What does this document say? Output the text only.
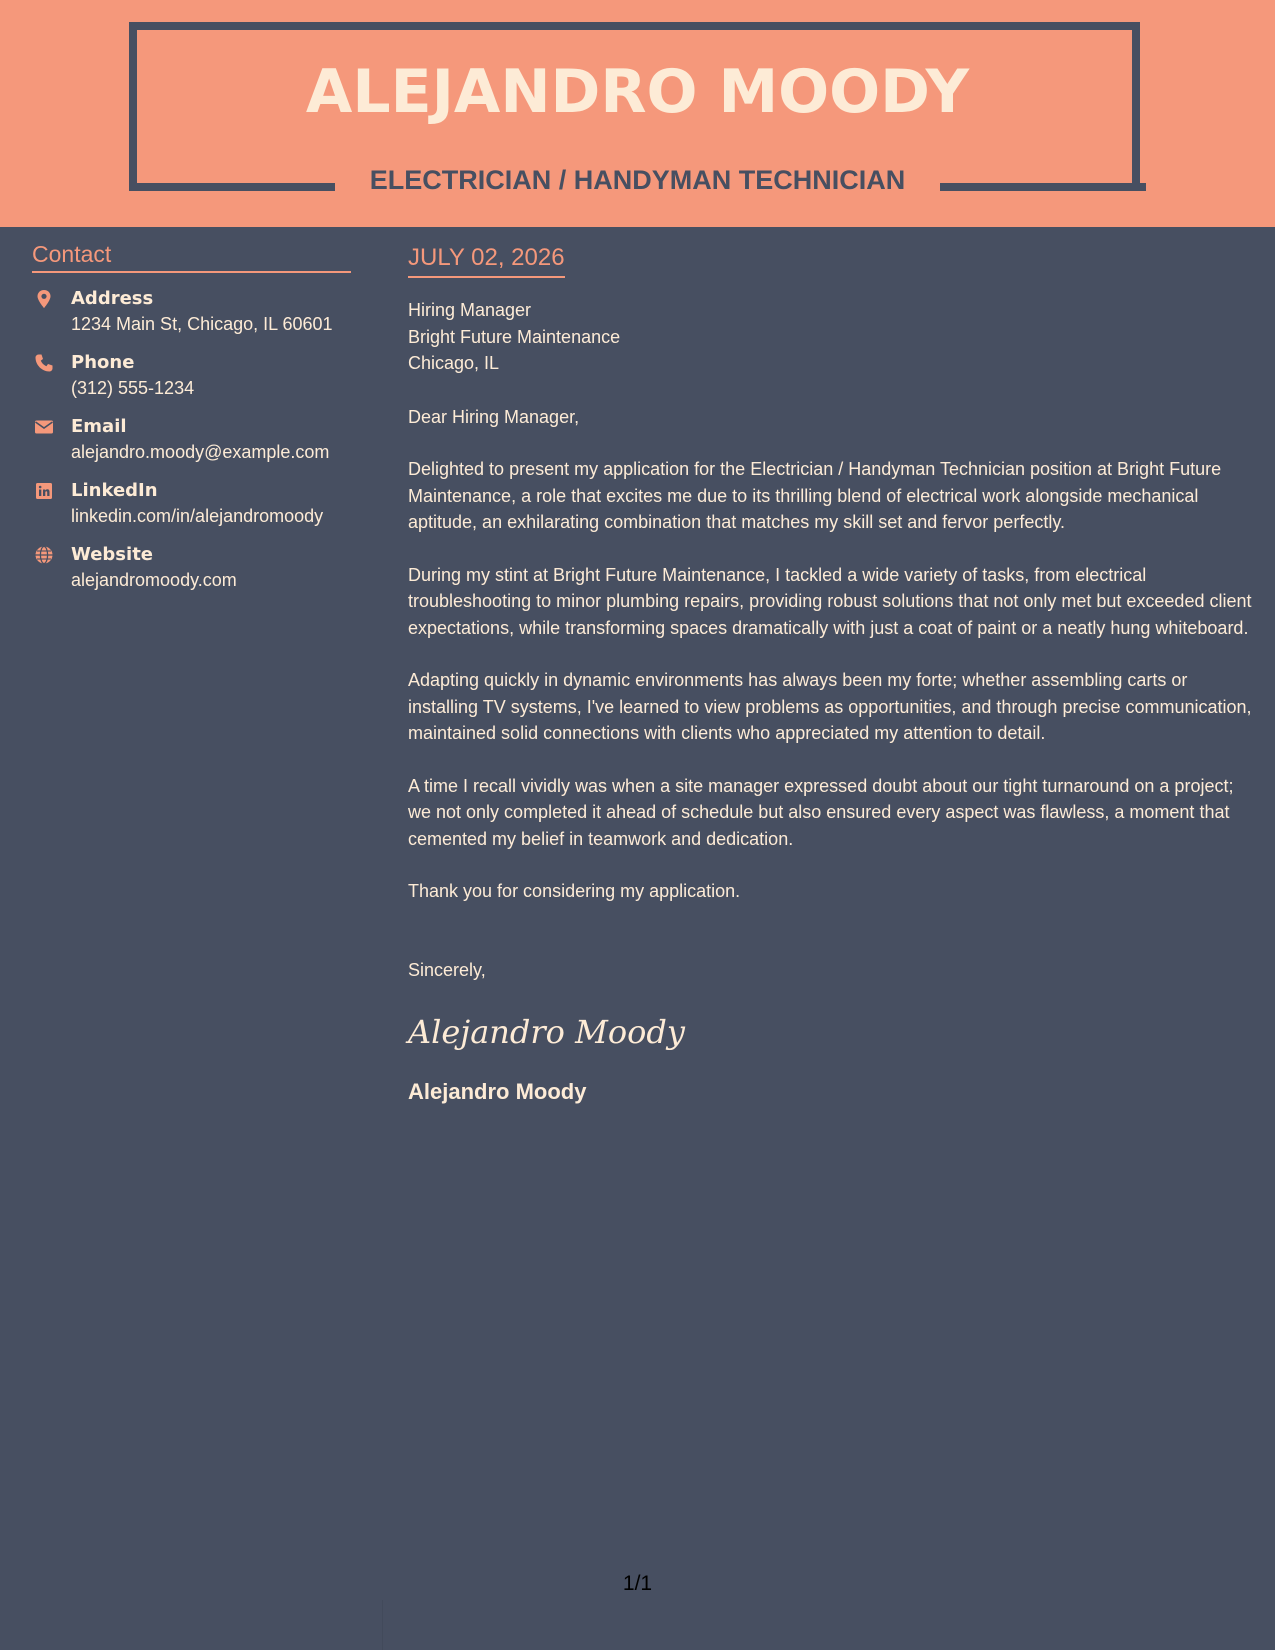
ALEJANDRO MOODY
ELECTRICIAN / HANDYMAN TECHNICIAN
Contact
Address
1234 Main St, Chicago, IL 60601
Phone
(312) 555-1234
Email
alejandro.moody@example.com
LinkedIn
linkedin.com/in/alejandromoody
Website
alejandromoody.com
JULY 02, 2026
Hiring Manager
Bright Future Maintenance
Chicago, IL
Dear Hiring Manager,
Delighted to present my application for the Electrician / Handyman Technician position at Bright Future Maintenance, a role that excites me due to its thrilling blend of electrical work alongside mechanical aptitude, an exhilarating combination that matches my skill set and fervor perfectly.
During my stint at Bright Future Maintenance, I tackled a wide variety of tasks, from electrical troubleshooting to minor plumbing repairs, providing robust solutions that not only met but exceeded client expectations, while transforming spaces dramatically with just a coat of paint or a neatly hung whiteboard.
Adapting quickly in dynamic environments has always been my forte; whether assembling carts or installing TV systems, I've learned to view problems as opportunities, and through precise communication, maintained solid connections with clients who appreciated my attention to detail.
A time I recall vividly was when a site manager expressed doubt about our tight turnaround on a project; we not only completed it ahead of schedule but also ensured every aspect was flawless, a moment that cemented my belief in teamwork and dedication.
Thank you for considering my application.
Sincerely,
Alejandro Moody
Alejandro Moody
1/1
